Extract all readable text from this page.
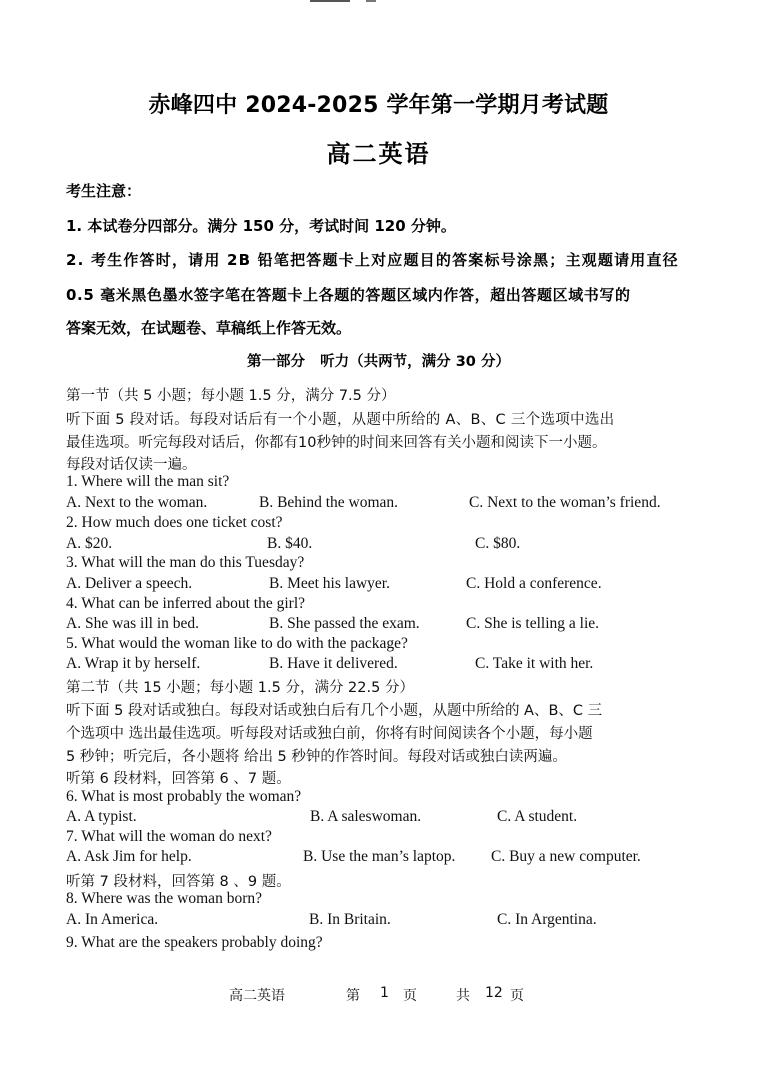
赤峰四中 2024-2025 学年第一学期月考试题
高二英语
考生注意：
1. 本试卷分四部分。满分 150 分，考试时间 120 分钟。
2. 考生作答时，请用 2B 铅笔把答题卡上对应题目的答案标号涂黑；主观题请用直径
0.5 毫米黑色墨水签字笔在答题卡上各题的答题区域内作答，超出答题区域书写的
答案无效，在试题卷、草稿纸上作答无效。
第一部分   听力（共两节，满分 30 分）
第一节（共 5 小题；每小题 1.5 分，满分 7.5 分）
听下面 5 段对话。每段对话后有一个小题，从题中所给的 A、B、C 三个选项中选出
最佳选项。听完每段对话后，你都有10秒钟的时间来回答有关小题和阅读下一小题。
每段对话仅读一遍。
1. Where will the man sit?
A. Next to the woman.	B. Behind the woman.	C. Next to the woman’s friend.
2. How much does one ticket cost?
A. $20.	B. $40.	C. $80.
3. What will the man do this Tuesday?
A. Deliver a speech.	B. Meet his lawyer.	C. Hold a conference.
4. What can be inferred about the girl?
A. She was ill in bed.	B. She passed the exam.	C. She is telling a lie.
5. What would the woman like to do with the package?
A. Wrap it by herself.	B. Have it delivered.	C. Take it with her.
第二节（共 15 小题；每小题 1.5 分，满分 22.5 分）
听下面 5 段对话或独白。每段对话或独白后有几个小题，从题中所给的 A、B、C 三
个选项中 选出最佳选项。听每段对话或独白前，你将有时间阅读各个小题，每小题
5 秒钟；听完后，各小题将 给出 5 秒钟的作答时间。每段对话或独白读两遍。
听第 6 段材料，回答第 6 、7 题。
6. What is most probably the woman?
A. A typist.	B. A saleswoman.	C. A student.
7. What will the woman do next?
A. Ask Jim for help.	B. Use the man’s laptop. C. Buy a new computer.
听第 7 段材料，回答第 8 、9 题。
8. Where was the woman born?
A. In America.	B. In Britain.	C. In Argentina.
9. What are the speakers probably doing?
高二英语	第 1 页	共 12 页
